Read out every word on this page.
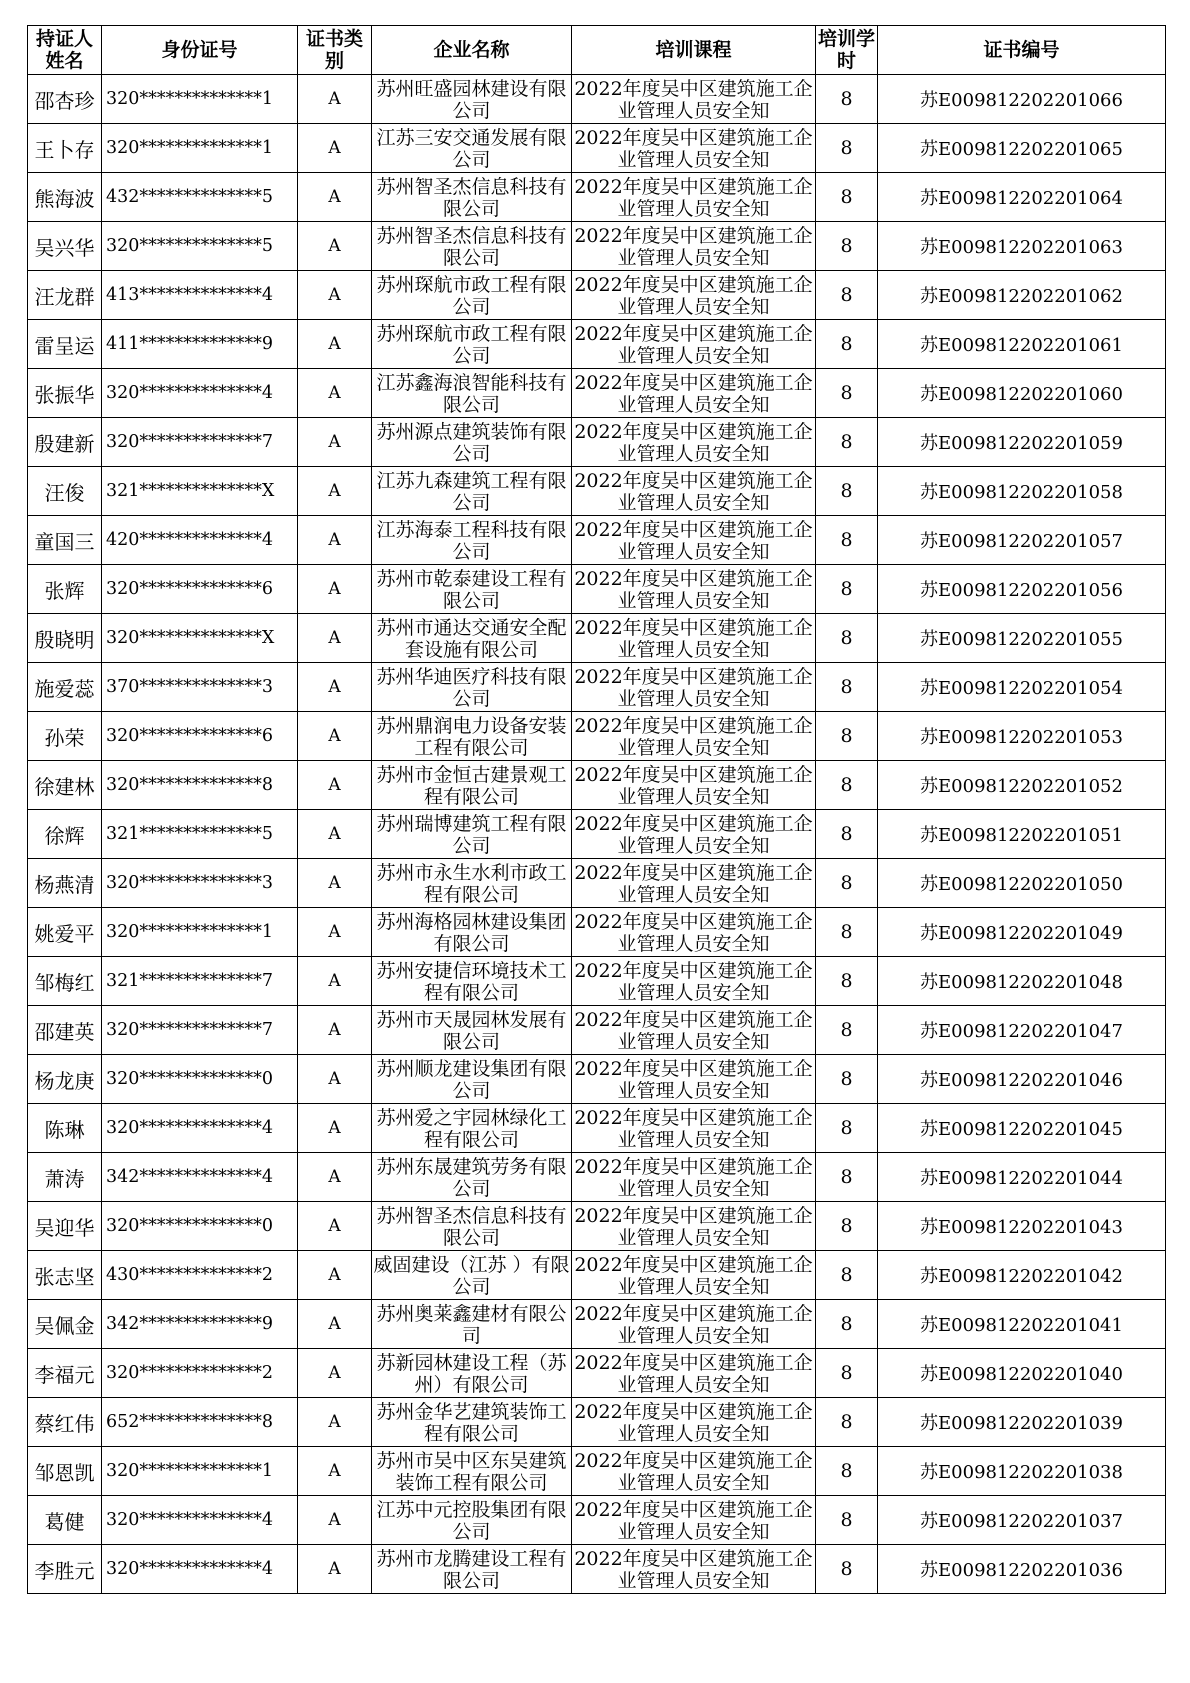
持证人姓名	身份证号	证书类别	企业名称	培训课程	培训学时	证书编号
邵杏珍	320**************1	A	苏州旺盛园林建设有限公司	2022年度吴中区建筑施工企业管理人员安全知	8	苏E009812202201066
王卜存	320**************1	A	江苏三安交通发展有限公司	2022年度吴中区建筑施工企业管理人员安全知	8	苏E009812202201065
熊海波	432**************5	A	苏州智圣杰信息科技有限公司	2022年度吴中区建筑施工企业管理人员安全知	8	苏E009812202201064
吴兴华	320**************5	A	苏州智圣杰信息科技有限公司	2022年度吴中区建筑施工企业管理人员安全知	8	苏E009812202201063
汪龙群	413**************4	A	苏州琛航市政工程有限公司	2022年度吴中区建筑施工企业管理人员安全知	8	苏E009812202201062
雷呈运	411**************9	A	苏州琛航市政工程有限公司	2022年度吴中区建筑施工企业管理人员安全知	8	苏E009812202201061
张振华	320**************4	A	江苏鑫海浪智能科技有限公司	2022年度吴中区建筑施工企业管理人员安全知	8	苏E009812202201060
殷建新	320**************7	A	苏州源点建筑装饰有限公司	2022年度吴中区建筑施工企业管理人员安全知	8	苏E009812202201059
汪俊	321**************X	A	江苏九森建筑工程有限公司	2022年度吴中区建筑施工企业管理人员安全知	8	苏E009812202201058
童国三	420**************4	A	江苏海泰工程科技有限公司	2022年度吴中区建筑施工企业管理人员安全知	8	苏E009812202201057
张辉	320**************6	A	苏州市乾泰建设工程有限公司	2022年度吴中区建筑施工企业管理人员安全知	8	苏E009812202201056
殷晓明	320**************X	A	苏州市通达交通安全配套设施有限公司	2022年度吴中区建筑施工企业管理人员安全知	8	苏E009812202201055
施爱蕊	370**************3	A	苏州华迪医疗科技有限公司	2022年度吴中区建筑施工企业管理人员安全知	8	苏E009812202201054
孙荣	320**************6	A	苏州鼎润电力设备安装工程有限公司	2022年度吴中区建筑施工企业管理人员安全知	8	苏E009812202201053
徐建林	320**************8	A	苏州市金恒古建景观工程有限公司	2022年度吴中区建筑施工企业管理人员安全知	8	苏E009812202201052
徐辉	321**************5	A	苏州瑞博建筑工程有限公司	2022年度吴中区建筑施工企业管理人员安全知	8	苏E009812202201051
杨燕清	320**************3	A	苏州市永生水利市政工程有限公司	2022年度吴中区建筑施工企业管理人员安全知	8	苏E009812202201050
姚爱平	320**************1	A	苏州海格园林建设集团有限公司	2022年度吴中区建筑施工企业管理人员安全知	8	苏E009812202201049
邹梅红	321**************7	A	苏州安捷信环境技术工程有限公司	2022年度吴中区建筑施工企业管理人员安全知	8	苏E009812202201048
邵建英	320**************7	A	苏州市天晟园林发展有限公司	2022年度吴中区建筑施工企业管理人员安全知	8	苏E009812202201047
杨龙庚	320**************0	A	苏州顺龙建设集团有限公司	2022年度吴中区建筑施工企业管理人员安全知	8	苏E009812202201046
陈琳	320**************4	A	苏州爱之宇园林绿化工程有限公司	2022年度吴中区建筑施工企业管理人员安全知	8	苏E009812202201045
萧涛	342**************4	A	苏州东晟建筑劳务有限公司	2022年度吴中区建筑施工企业管理人员安全知	8	苏E009812202201044
吴迎华	320**************0	A	苏州智圣杰信息科技有限公司	2022年度吴中区建筑施工企业管理人员安全知	8	苏E009812202201043
张志坚	430**************2	A	威固建设（江苏 ）有限公司	2022年度吴中区建筑施工企业管理人员安全知	8	苏E009812202201042
吴佩金	342**************9	A	苏州奥莱鑫建材有限公司	2022年度吴中区建筑施工企业管理人员安全知	8	苏E009812202201041
李福元	320**************2	A	苏新园林建设工程（苏州）有限公司	2022年度吴中区建筑施工企业管理人员安全知	8	苏E009812202201040
蔡红伟	652**************8	A	苏州金华艺建筑装饰工程有限公司	2022年度吴中区建筑施工企业管理人员安全知	8	苏E009812202201039
邹恩凯	320**************1	A	苏州市吴中区东吴建筑装饰工程有限公司	2022年度吴中区建筑施工企业管理人员安全知	8	苏E009812202201038
葛健	320**************4	A	江苏中元控股集团有限公司	2022年度吴中区建筑施工企业管理人员安全知	8	苏E009812202201037
李胜元	320**************4	A	苏州市龙腾建设工程有限公司	2022年度吴中区建筑施工企业管理人员安全知	8	苏E009812202201036
